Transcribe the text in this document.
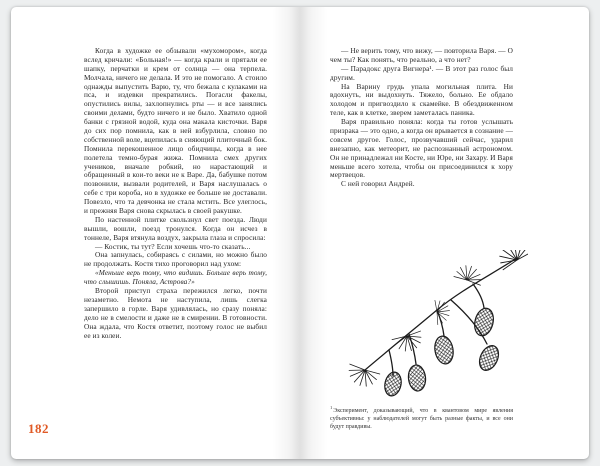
Когда в художке ее обзывали «мухомором», когда вслед кричали: «Больная!» — когда крали и прятали ее шапку, перчатки и крем от солнца — она терпела. Молчала, ничего не делала. И это не помогало. А стоило однажды выпустить Варю, ту, что бежала с кулаками на пса, и издевки прекратились. Погасли факелы, опустились вилы, захлопнулись рты — и все занялись своими делами, будто ничего и не было. Хватило одной банки с грязной водой, куда она макала кисточки. Варя до сих пор помнила, как в ней взбурлила, словно по собственной воле, вцепилась в сияющий плиточный бок. Помнила перекошенное лицо обидчицы, когда в нее полетела темно-бурая жижа. Помнила смех других учеников, вначале робкий, но нарастающий и обращенный в кои-то веки не к Варе. Да, бабушке потом позвонили, вызвали родителей, и Варя наслушалась о себе с три короба, но в художке ее больше не доставали. Повезло, что та девчонка не стала мстить. Все улеглось, и прежняя Варя снова скрылась в своей ракушке.

По настенной плитке скользнул свет поезда. Люди вышли, вошли, поезд тронулся. Когда он исчез в тоннеле, Варя втянула воздух, закрыла глаза и спросила:

— Костик, ты тут? Если хочешь что-то сказать...

Она запнулась, собираясь с силами, но можно было не продолжать. Костя тихо проговорил над ухом:

«Меньше верь тому, что видишь. Больше верь тому, что слышишь. Поняла, Астрова?»

Второй приступ страха пережился легко, почти незаметно. Немота не наступила, лишь слегка запершило в горле. Варя удивлялась, но сразу поняла: дело не в смелости и даже не в смирении. В готовности. Она ждала, что Костя ответит, поэтому голос не выбил ее из колеи.

182

— Не верить тому, что вижу, — повторила Варя. — О чем ты? Как понять, что реально, а что нет?

— Парадокс друга Вигнера¹. — В этот раз голос был другим.

На Варину грудь упала могильная плита. Ни вдохнуть, ни выдохнуть. Тяжело, больно. Ее обдало холодом и пригвоздило к скамейке. В обездвиженном теле, как в клетке, зверем заметалась паника.

Варя правильно поняла: когда ты готов услышать призрака — это одно, а когда он врывается в сознание — совсем другое. Голос, прозвучавший сейчас, ударил внезапно, как метеорит, не распознанный астрономом. Он не принадлежал ни Косте, ни Юре, ни Захару. И Варя меньше всего хотела, чтобы он присоединился к хору мертвецов.

С ней говорил Андрей.

$^1$Эксперимент, доказывающий, что в квантовом мире явления субъективны: у наблюдателей могут быть разные факты, и все они будут правдивы.
